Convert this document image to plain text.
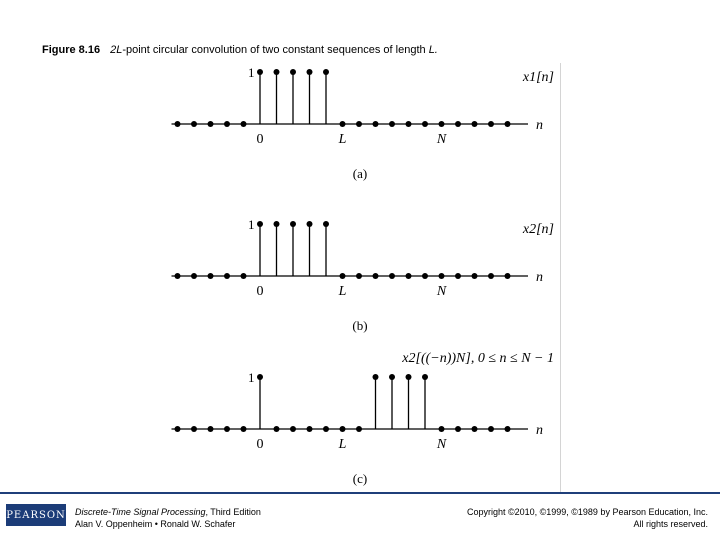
Figure 8.16 2L-point circular convolution of two constant sequences of length L.
n
1
0	L	N
(a)
x1[n]
n
1
0	L	N
(b)
x2[n]
n
1
0	L	N
(c)
x2[((−n))N], 0 ≤ n ≤ N − 1
PEARSON Discrete-Time Signal Processing, Third Edition
Alan V. Oppenheim • Ronald W. Schafer
Copyright ©2010, ©1999, ©1989 by Pearson Education, Inc.
All rights reserved.
